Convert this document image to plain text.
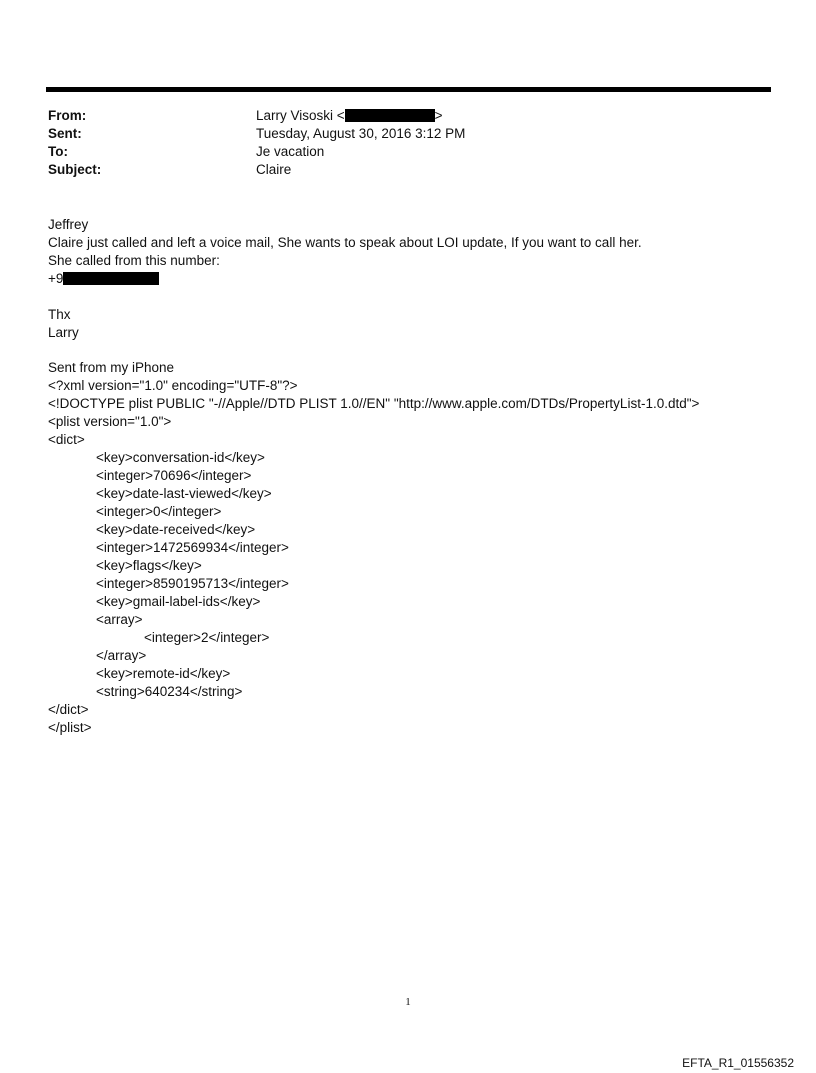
From:	Larry Visoski <	>
Sent:	Tuesday, August 30, 2016 3:12 PM
To:	Je vacation
Subject:	Claire
Jeffrey
Claire just called and left a voice mail, She wants to speak about LOI update, If you want to call her.
She called from this number:
+9
Thx
Larry
Sent from my iPhone
<?xml version="1.0" encoding="UTF-8"?>
<!DOCTYPE plist PUBLIC "-//Apple//DTD PLIST 1.0//EN" "http://www.apple.com/DTDs/PropertyList-1.0.dtd">
<plist version="1.0">
<dict>
<key>conversation-id</key>
<integer>70696</integer>
<key>date-last-viewed</key>
<integer>0</integer>
<key>date-received</key>
<integer>1472569934</integer>
<key>flags</key>
<integer>8590195713</integer>
<key>gmail-label-ids</key>
<array>
<integer>2</integer>
</array>
<key>remote-id</key>
<string>640234</string>
</dict>
</plist>
1
EFTA_R1_01556352
